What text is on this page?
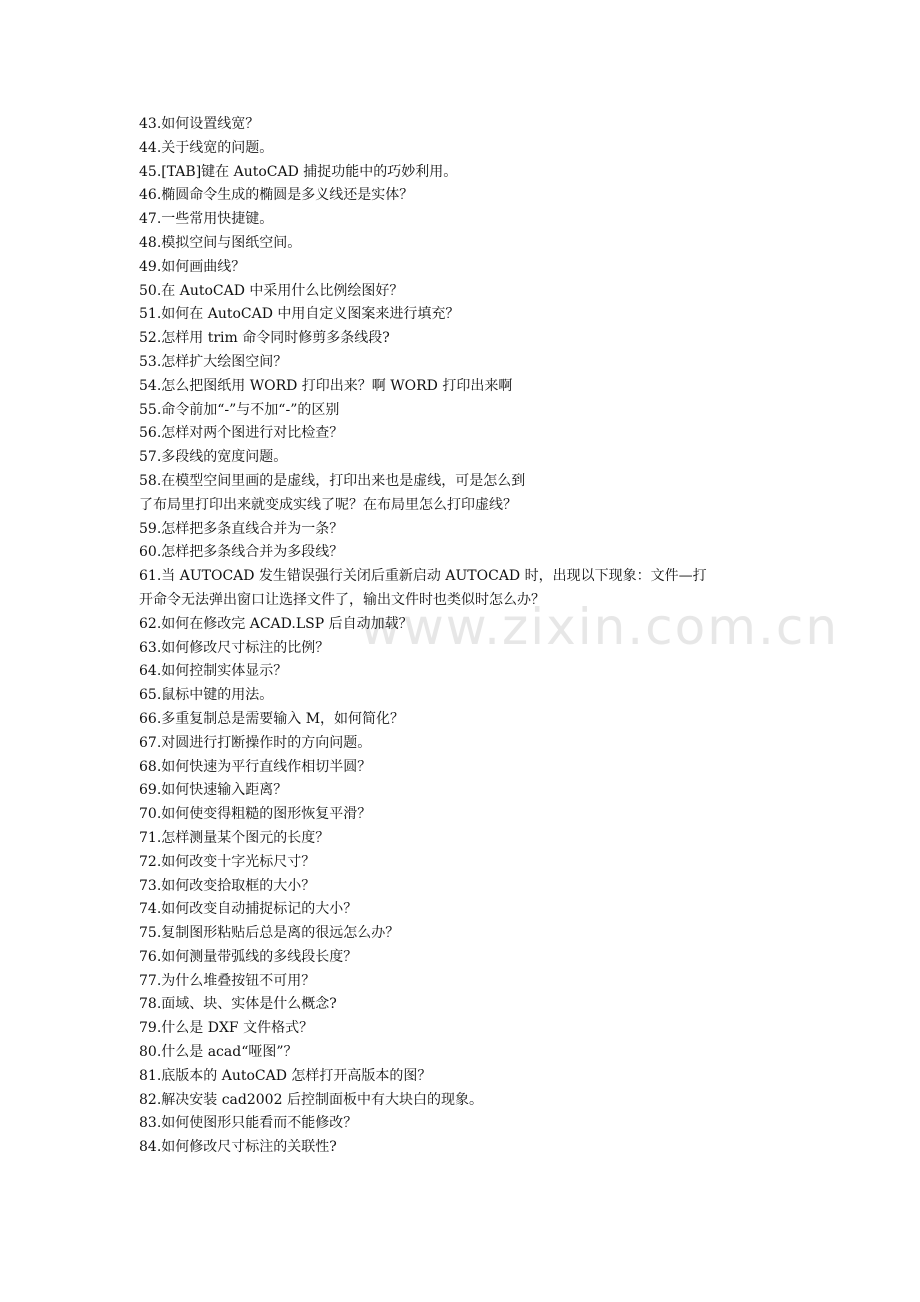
www.zixin.com.cn
43.如何设置线宽？
44.关于线宽的问题。
45.[TAB]键在 AutoCAD 捕捉功能中的巧妙利用。
46.椭圆命令生成的椭圆是多义线还是实体？
47.一些常用快捷键。
48.模拟空间与图纸空间。
49.如何画曲线？
50.在 AutoCAD 中采用什么比例绘图好？
51.如何在 AutoCAD 中用自定义图案来进行填充？
52.怎样用 trim 命令同时修剪多条线段?
53.怎样扩大绘图空间？
54.怎么把图纸用 WORD 打印出来？啊 WORD 打印出来啊
55.命令前加“-”与不加“-”的区别
56.怎样对两个图进行对比检查？
57.多段线的宽度问题。
58.在模型空间里画的是虚线，打印出来也是虚线，可是怎么到
了布局里打印出来就变成实线了呢？在布局里怎么打印虚线？
59.怎样把多条直线合并为一条？
60.怎样把多条线合并为多段线？
61.当 AUTOCAD 发生错误强行关闭后重新启动 AUTOCAD 时，出现以下现象：文件—打
开命令无法弹出窗口让选择文件了，输出文件时也类似时怎么办？
62.如何在修改完 ACAD.LSP 后自动加载？
63.如何修改尺寸标注的比例？
64.如何控制实体显示？
65.鼠标中键的用法。
66.多重复制总是需要输入 M，如何简化？
67.对圆进行打断操作时的方向问题。
68.如何快速为平行直线作相切半圆？
69.如何快速输入距离？
70.如何使变得粗糙的图形恢复平滑？
71.怎样测量某个图元的长度？
72.如何改变十字光标尺寸？
73.如何改变拾取框的大小？
74.如何改变自动捕捉标记的大小？
75.复制图形粘贴后总是离的很远怎么办？
76.如何测量带弧线的多线段长度？
77.为什么堆叠按钮不可用？
78.面域、块、实体是什么概念?
79.什么是 DXF 文件格式？
80.什么是 acad“哑图”？
81.底版本的 AutoCAD 怎样打开高版本的图？
82.解决安装 cad2002 后控制面板中有大块白的现象。
83.如何使图形只能看而不能修改？
84.如何修改尺寸标注的关联性?
